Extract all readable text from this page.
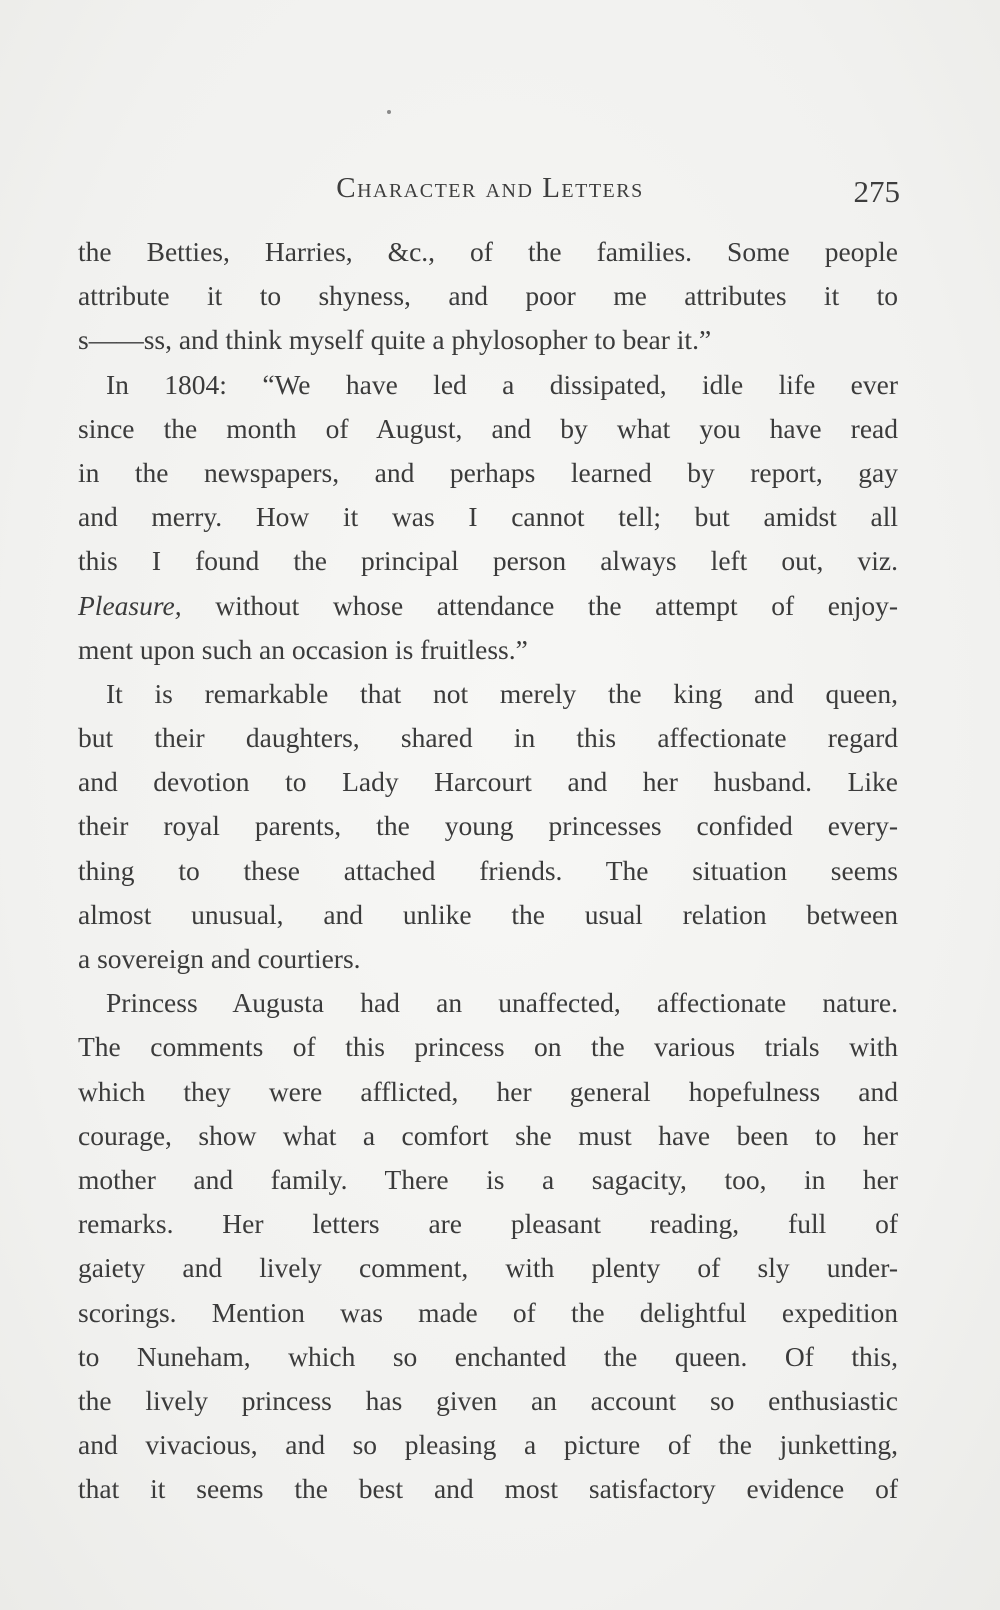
Character and Letters	275
the Betties, Harries, &c., of the families. Some people
attribute it to shyness, and poor me attributes it to
s——ss, and think myself quite a phylosopher to bear it.”
In 1804: “We have led a dissipated, idle life ever
since the month of August, and by what you have read
in the newspapers, and perhaps learned by report, gay
and merry. How it was I cannot tell; but amidst all
this I found the principal person always left out, viz.
Pleasure, without whose attendance the attempt of enjoy-
ment upon such an occasion is fruitless.”
It is remarkable that not merely the king and queen,
but their daughters, shared in this affectionate regard
and devotion to Lady Harcourt and her husband. Like
their royal parents, the young princesses confided every-
thing to these attached friends. The situation seems
almost unusual, and unlike the usual relation between
a sovereign and courtiers.
Princess Augusta had an unaffected, affectionate nature.
The comments of this princess on the various trials with
which they were afflicted, her general hopefulness and
courage, show what a comfort she must have been to her
mother and family. There is a sagacity, too, in her
remarks. Her letters are pleasant reading, full of
gaiety and lively comment, with plenty of sly under-
scorings. Mention was made of the delightful expedition
to Nuneham, which so enchanted the queen. Of this,
the lively princess has given an account so enthusiastic
and vivacious, and so pleasing a picture of the junketting,
that it seems the best and most satisfactory evidence of
